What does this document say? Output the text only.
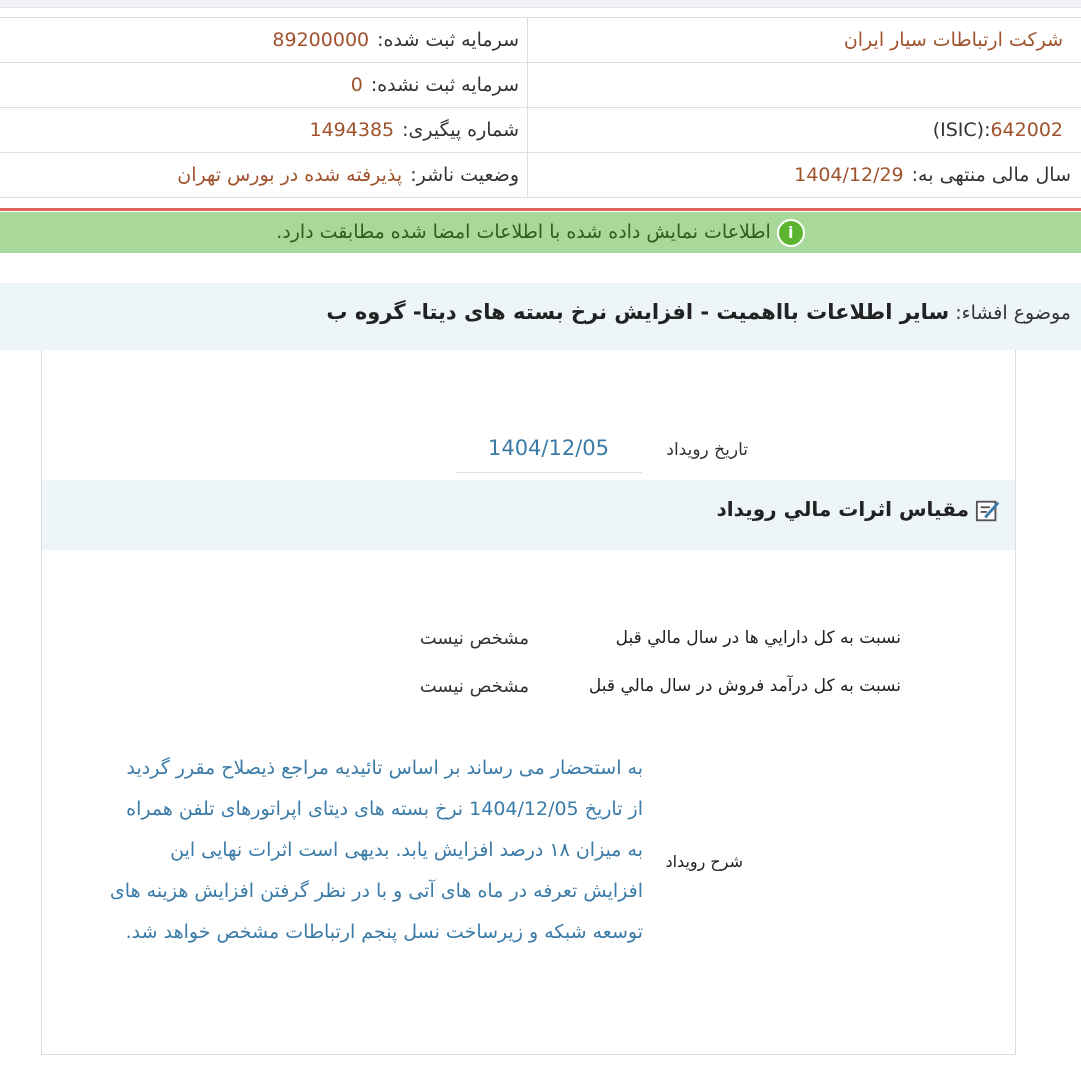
سرمایه ثبت شده:89200000	شرکت ارتباطات سیار ایران
سرمایه ثبت نشده:0
شماره پیگیری:1494385	(ISIC):642002
وضعیت ناشر:پذیرفته شده در بورس تهران	سال مالی منتهی به:1404/12/29
iاطلاعات نمایش داده شده با اطلاعات امضا شده مطابقت دارد.
موضوع افشاء: سایر اطلاعات بااهمیت - افزایش نرخ بسته های دیتا- گروه ب
تاریخ رویداد
1404/12/05
مقیاس اثرات مالي رویداد
نسبت به کل دارايي ها در سال مالي قبل
مشخص نیست
نسبت به کل درآمد فروش در سال مالي قبل
مشخص نیست
شرح رویداد
به استحضار می رساند بر اساس تائیدیه مراجع ذیصلاح مقرر گردید از تاریخ 1404/12/05 نرخ بسته های دیتای اپراتورهای تلفن همراه به میزان ۱۸ درصد افزایش یابد. بدیهی است اثرات نهایی این افزایش تعرفه در ماه های آتی و با در نظر گرفتن افزایش هزینه های توسعه شبکه و زیرساخت نسل پنجم ارتباطات مشخص خواهد شد.
